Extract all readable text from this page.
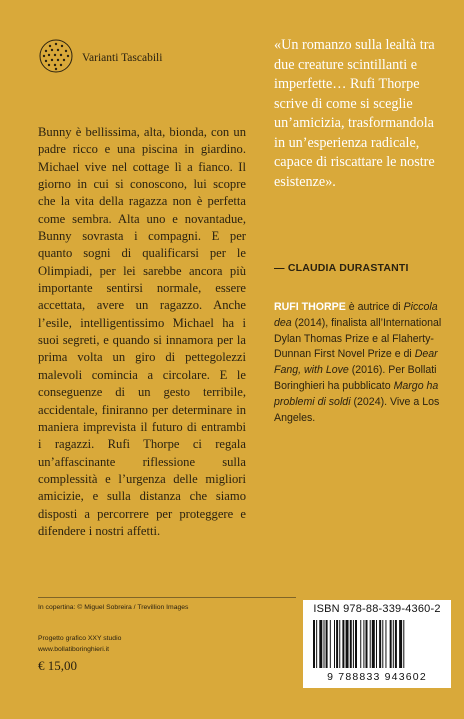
Varianti Tascabili
«Un romanzo sulla lealtà tra due creature scintillanti e imperfette… Rufi Thorpe scrive di come si sceglie un’amicizia, trasformandola in un’esperienza radicale, capace di riscattare le nostre esistenze».
— CLAUDIA DURASTANTI
Bunny è bellissima, alta, bionda, con un padre ricco e una piscina in giardino. Michael vive nel cottage lì a fianco. Il giorno in cui si conoscono, lui scopre che la vita della ragazza non è perfetta come sembra. Alta uno e novantadue, Bunny sovrasta i compagni. E per quanto sogni di qualificarsi per le Olimpiadi, per lei sarebbe ancora più importante sentirsi normale, essere accettata, avere un ragazzo. Anche l’esile, intelligentissimo Michael ha i suoi segreti, e quando si innamora per la prima volta un giro di pettegolezzi malevoli comincia a circolare. E le conseguenze di un gesto terribile, accidentale, finiranno per determinare in maniera imprevista il futuro di entrambi i ragazzi. Rufi Thorpe ci regala un’affascinante riflessione sulla complessità e l’urgenza delle migliori amicizie, e sulla distanza che siamo disposti a percorrere per proteggere e difendere i nostri affetti.
RUFI THORPE è autrice di Piccola dea (2014), finalista all’International Dylan Thomas Prize e al Flaherty-Dunnan First Novel Prize e di Dear Fang, with Love (2016). Per Bollati Boringhieri ha pubblicato Margo ha problemi di soldi (2024). Vive a Los Angeles.
In copertina: © Miguel Sobreira / Trevillion Images
Progetto grafico XXY studio
www.bollatiboringhieri.it
€ 15,00
ISBN 978-88-339-4360-2
9 788833 943602
